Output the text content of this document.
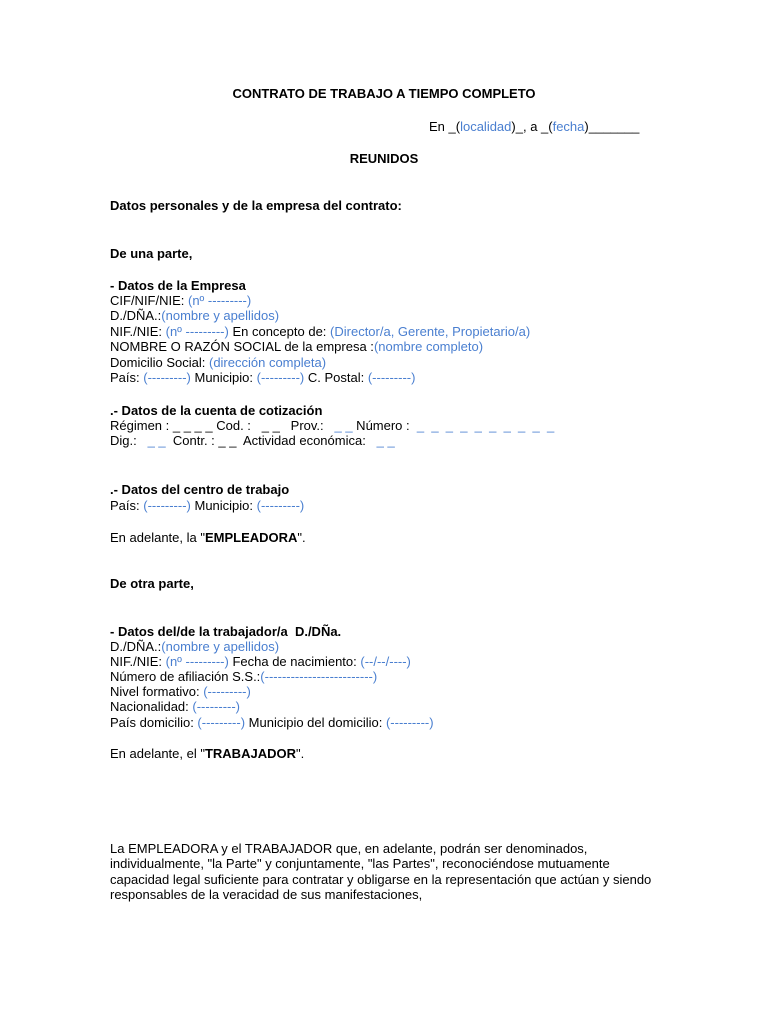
CONTRATO DE TRABAJO A TIEMPO COMPLETO
En _(localidad)_, a _(fecha)_______
REUNIDOS
Datos personales y de la empresa del contrato:
De una parte,
- Datos de la Empresa
CIF/NIF/NIE: (nº ---------)
D./DÑA.:(nombre y apellidos)
NIF./NIE: (nº ---------) En concepto de: (Director/a, Gerente, Propietario/a)
NOMBRE O RAZÓN SOCIAL de la empresa :(nombre completo)
Domicilio Social: (dirección completa)
País: (---------) Municipio: (---------) C. Postal: (---------)
.- Datos de la cuenta de cotización
Régimen : _ _ _ _ Cod. :   _ _   Prov.:   _ _ Número :  _  _  _  _  _  _  _  _  _  _
Dig.:   _ _  Contr. : _ _  Actividad económica:   _ _
.- Datos del centro de trabajo
País: (---------) Municipio: (---------)
En adelante, la "EMPLEADORA".
De otra parte,
- Datos del/de la trabajador/a  D./DÑa.
D./DÑA.:(nombre y apellidos)
NIF./NIE: (nº ---------) Fecha de nacimiento: (--/--/----)
Número de afiliación S.S.:(-------------------------)
Nivel formativo: (---------)
Nacionalidad: (---------)
País domicilio: (---------) Municipio del domicilio: (---------)
En adelante, el "TRABAJADOR".
La EMPLEADORA y el TRABAJADOR que, en adelante, podrán ser denominados, individualmente, "la Parte" y conjuntamente, "las Partes", reconociéndose mutuamente capacidad legal suficiente para contratar y obligarse en la representación que actúan y siendo responsables de la veracidad de sus manifestaciones,
